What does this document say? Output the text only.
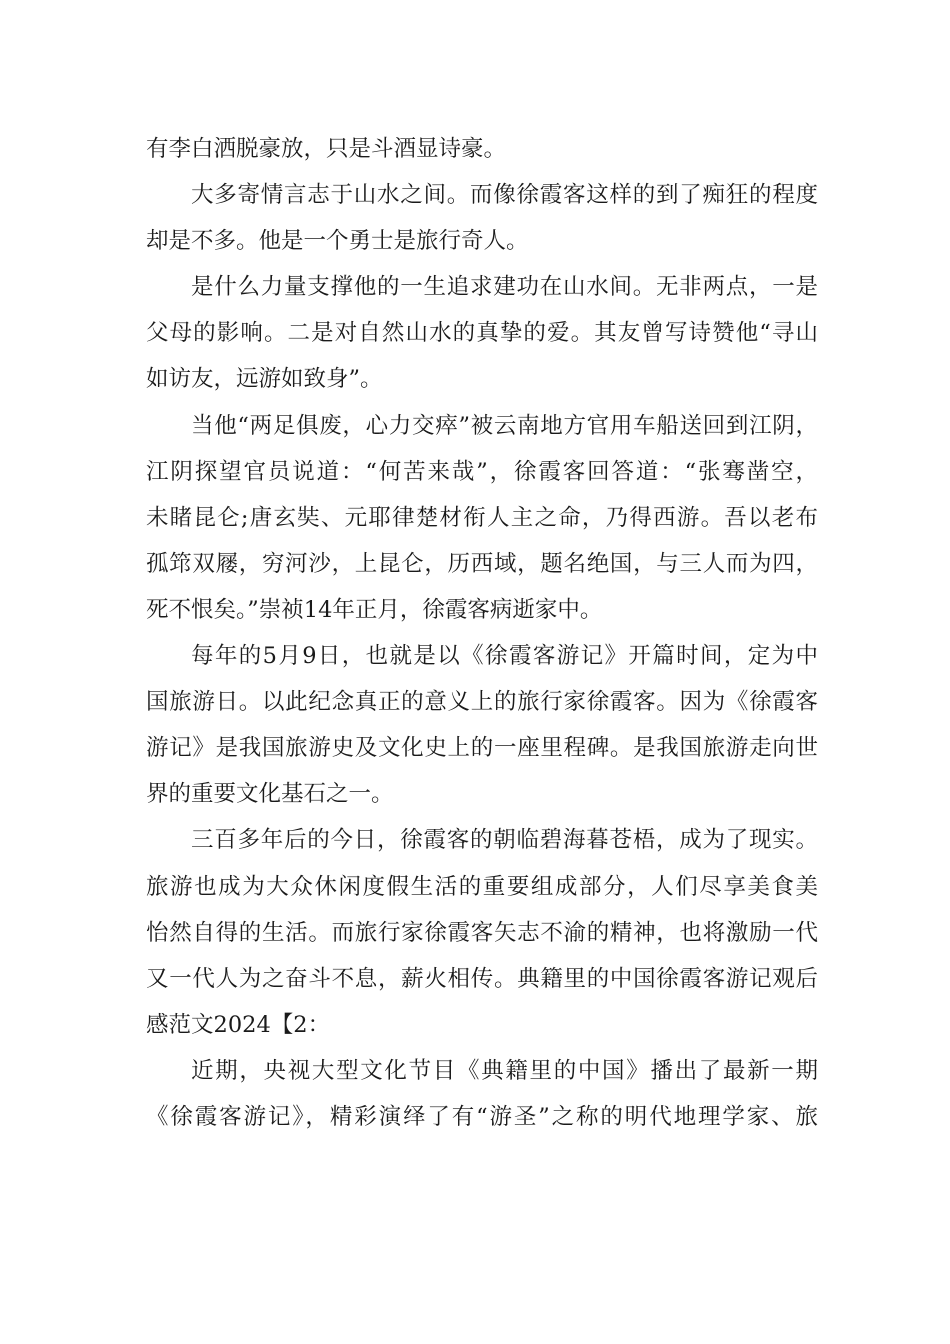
有李白洒脱豪放，只是斗酒显诗豪。
大多寄情言志于山水之间。而像徐霞客这样的到了痴狂的程度
却是不多。他是一个勇士是旅行奇人。
是什么力量支撑他的一生追求建功在山水间。无非两点，一是
父母的影响。二是对自然山水的真挚的爱。其友曾写诗赞他“寻山
如访友，远游如致身”。
当他“两足俱废，心力交瘁”被云南地方官用车船送回到江阴，
江阴探望官员说道：“何苦来哉”，徐霞客回答道：“张骞凿空，
未睹昆仑;唐玄奘、元耶律楚材衔人主之命，乃得西游。吾以老布
孤筇双屦，穷河沙，上昆仑，历西域，题名绝国，与三人而为四，
死不恨矣。”崇祯14年正月，徐霞客病逝家中。
每年的5月9日，也就是以《徐霞客游记》开篇时间，定为中
国旅游日。以此纪念真正的意义上的旅行家徐霞客。因为《徐霞客
游记》是我国旅游史及文化史上的一座里程碑。是我国旅游走向世
界的重要文化基石之一。
三百多年后的今日，徐霞客的朝临碧海暮苍梧，成为了现实。
旅游也成为大众休闲度假生活的重要组成部分，人们尽享美食美
怡然自得的生活。而旅行家徐霞客矢志不渝的精神，也将激励一代
又一代人为之奋斗不息，薪火相传。典籍里的中国徐霞客游记观后
感范文2024【2：
近期，央视大型文化节目《典籍里的中国》播出了最新一期
《徐霞客游记》，精彩演绎了有“游圣”之称的明代地理学家、旅
